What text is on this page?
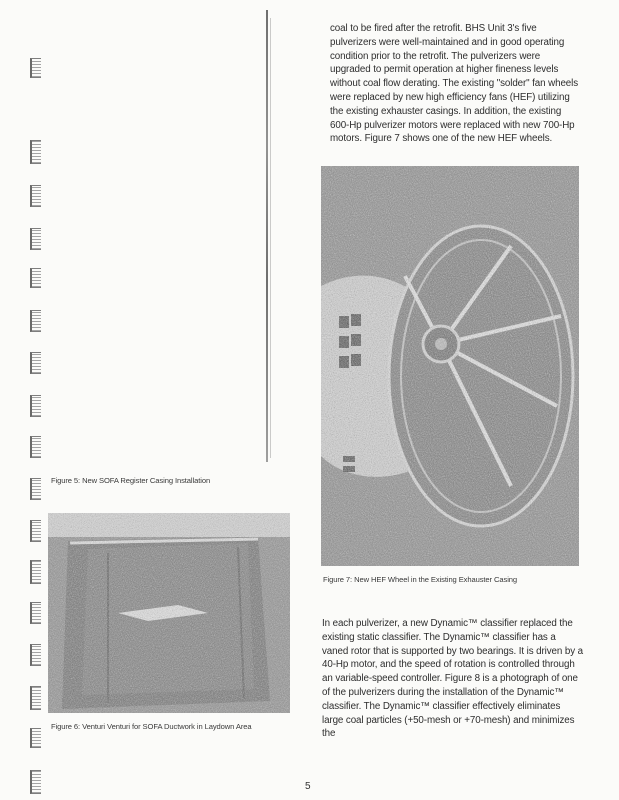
coal to be fired after the retrofit. BHS Unit 3's five pulverizers were well-maintained and in good operating condition prior to the retrofit. The pulverizers were upgraded to permit operation at higher fineness levels without coal flow derating. The existing "solder" fan wheels were replaced by new high efficiency fans (HEF) utilizing the existing exhauster casings. In addition, the existing 600-Hp pulverizer motors were replaced with new 700-Hp motors. Figure 7 shows one of the new HEF wheels.

Figure 5: New SOFA Register Casing Installation
Figure 6: Venturi Venturi for SOFA Ductwork in Laydown Area
Figure 7: New HEF Wheel in the Existing Exhauster Casing

In each pulverizer, a new Dynamic™ classifier replaced the existing static classifier. The Dynamic™ classifier has a vaned rotor that is supported by two bearings. It is driven by a 40-Hp motor, and the speed of rotation is controlled through an variable-speed controller. Figure 8 is a photograph of one of the pulverizers during the installation of the Dynamic™ classifier. The Dynamic™ classifier effectively eliminates large coal particles (+50-mesh or +70-mesh) and minimizes the

5
